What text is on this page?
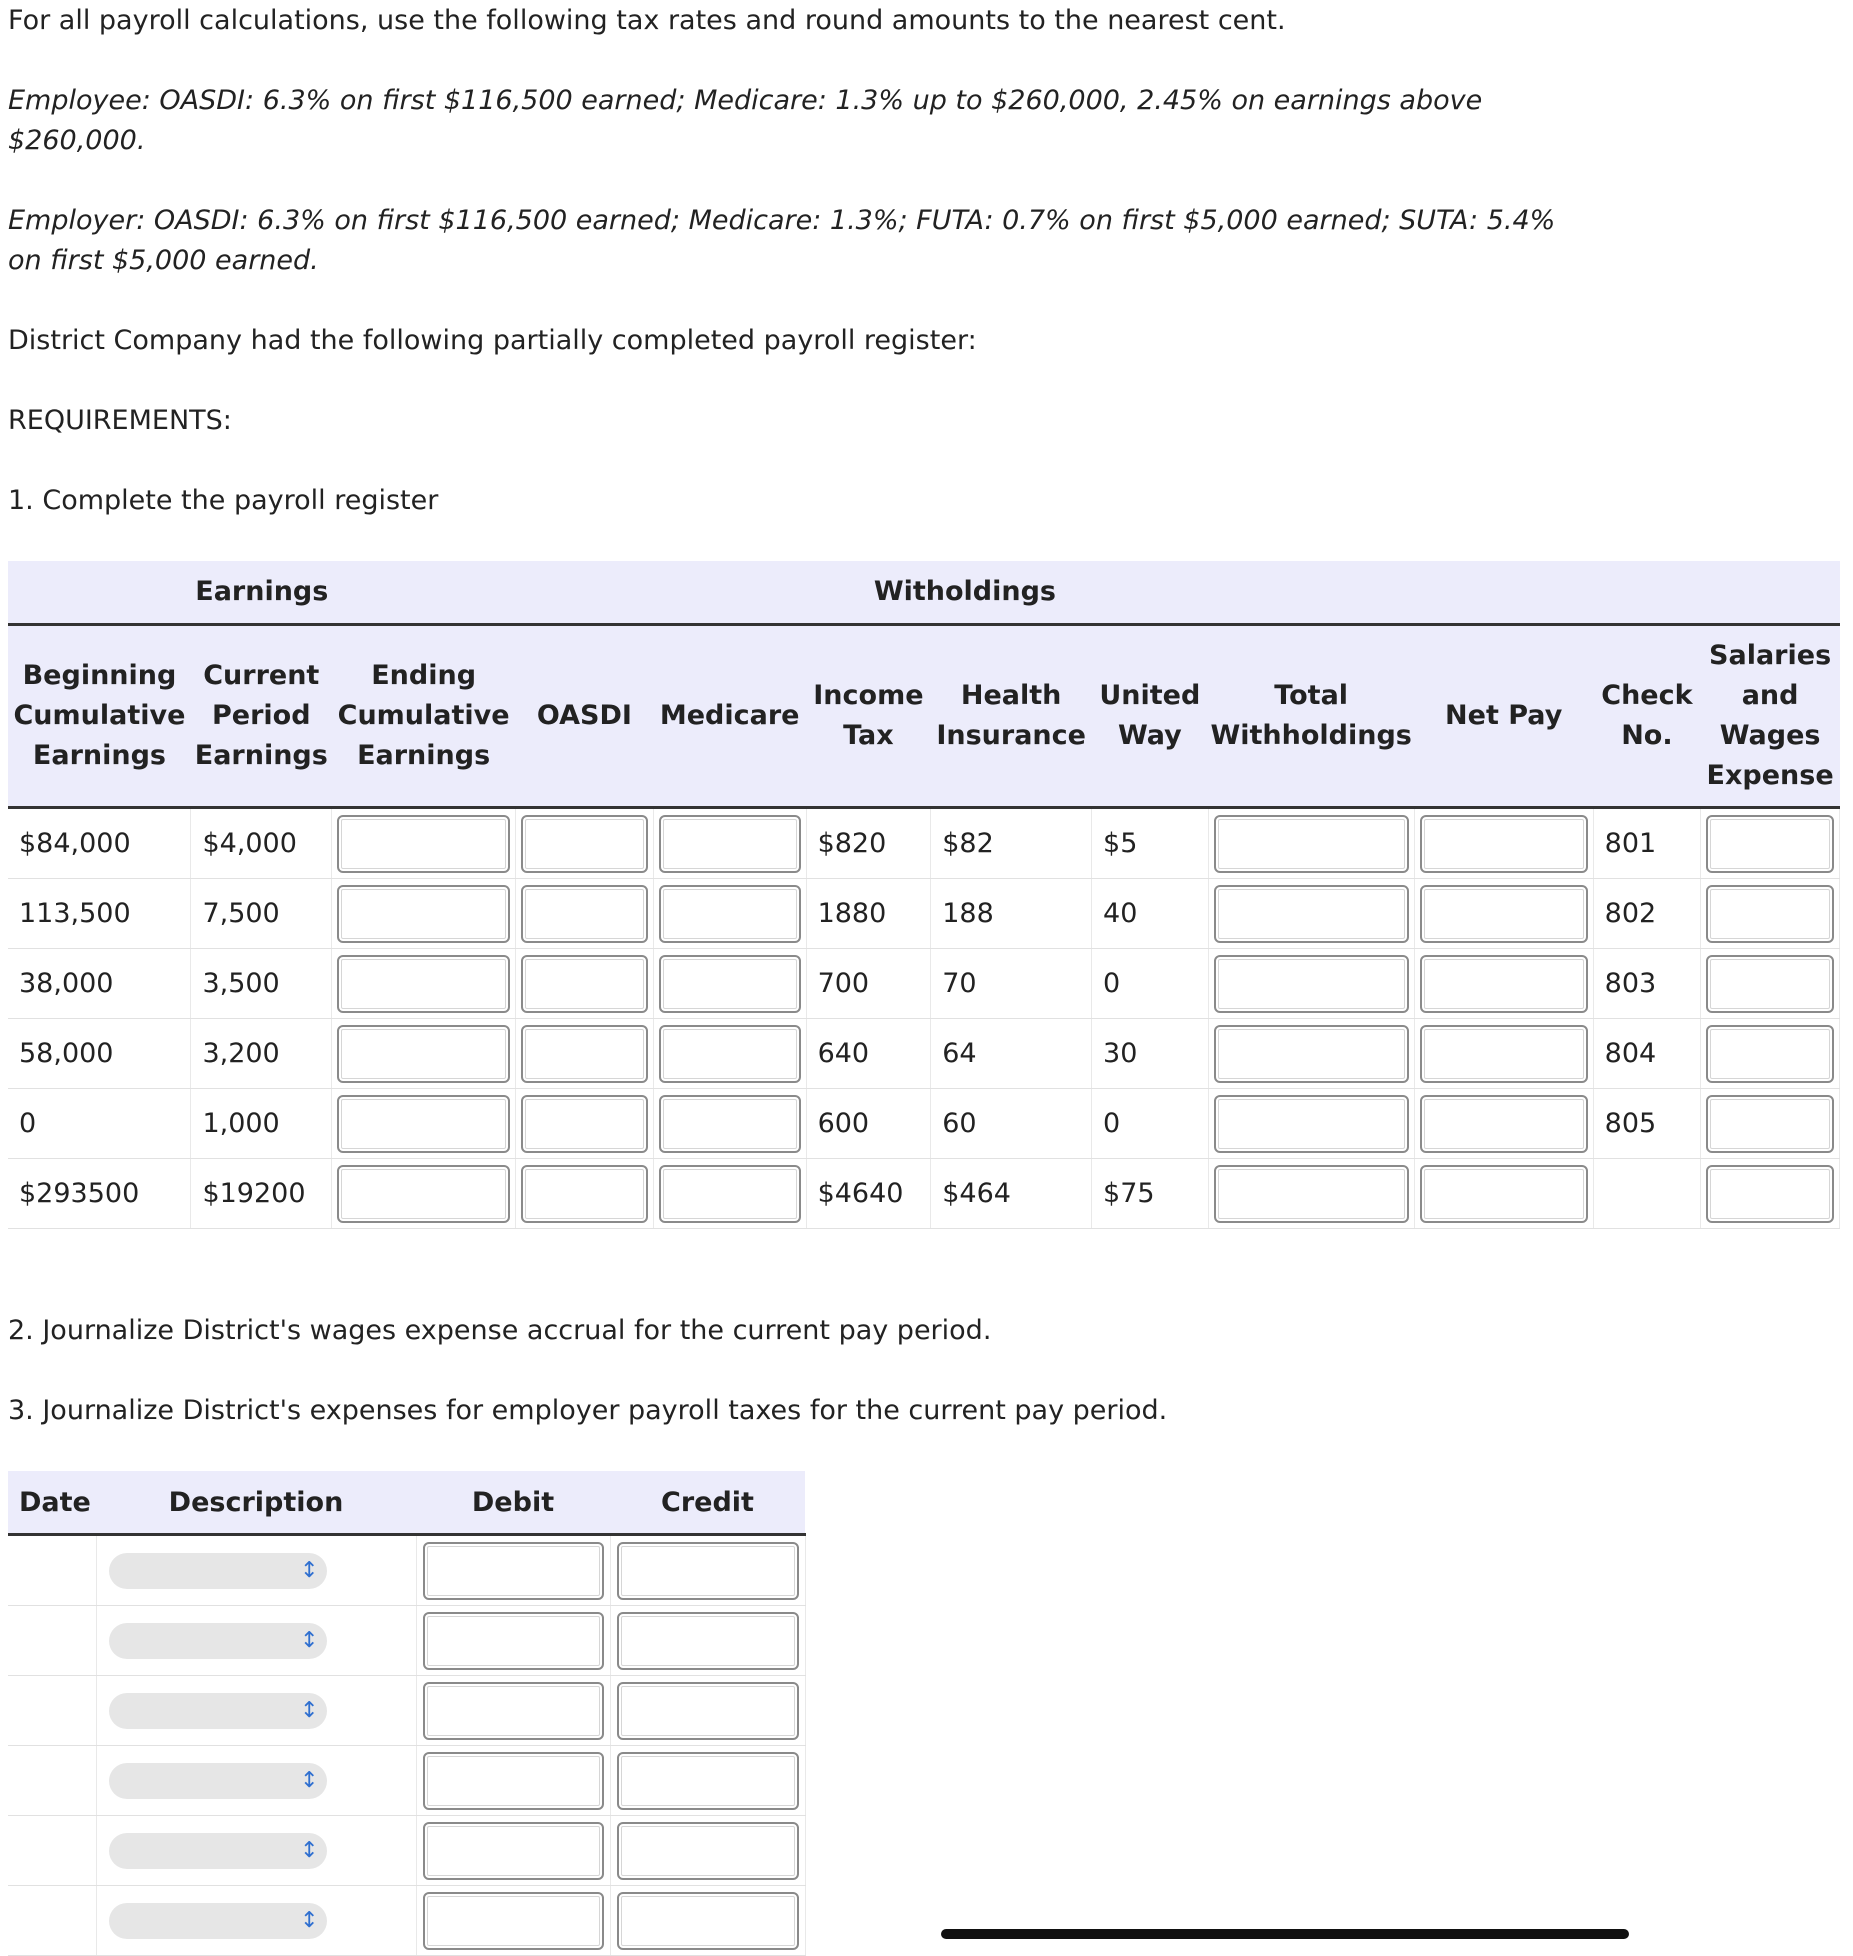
For all payroll calculations, use the following tax rates and round amounts to the nearest cent.

Employee: OASDI: 6.3% on first $116,500 earned; Medicare: 1.3% up to $260,000, 2.45% on earnings above

$260,000.

Employer: OASDI: 6.3% on first $116,500 earned; Medicare: 1.3%; FUTA: 0.7% on first $5,000 earned; SUTA: 5.4%

on first $5,000 earned.

District Company had the following partially completed payroll register:

REQUIREMENTS:

1. Complete the payroll register

Earnings			Witholdings								
Beginning
Cumulative
Earnings	Current
Period
Earnings	Ending
Cumulative
Earnings	OASDI	Medicare	Income
Tax	Health
Insurance	United
Way	Total
Withholdings	Net Pay	Check
No.	Salaries
and
Wages
Expense
$84,000	$4,000				$820	$82	$5			801	

113,500	7,500				1880	188	40			802	

38,000	3,500				700	70	0			803	

58,000	3,200				640	64	30			804	

0	1,000				600	60	0			805	

$293500	$19200				$4640	$464	$75	

2. Journalize District's wages expense accrual for the current pay period.

3. Journalize District's expenses for employer payroll taxes for the current pay period.

Date	Description	Debit	Credit

	↕		

	↕		

	↕		

	↕		

	↕		

	↕		
